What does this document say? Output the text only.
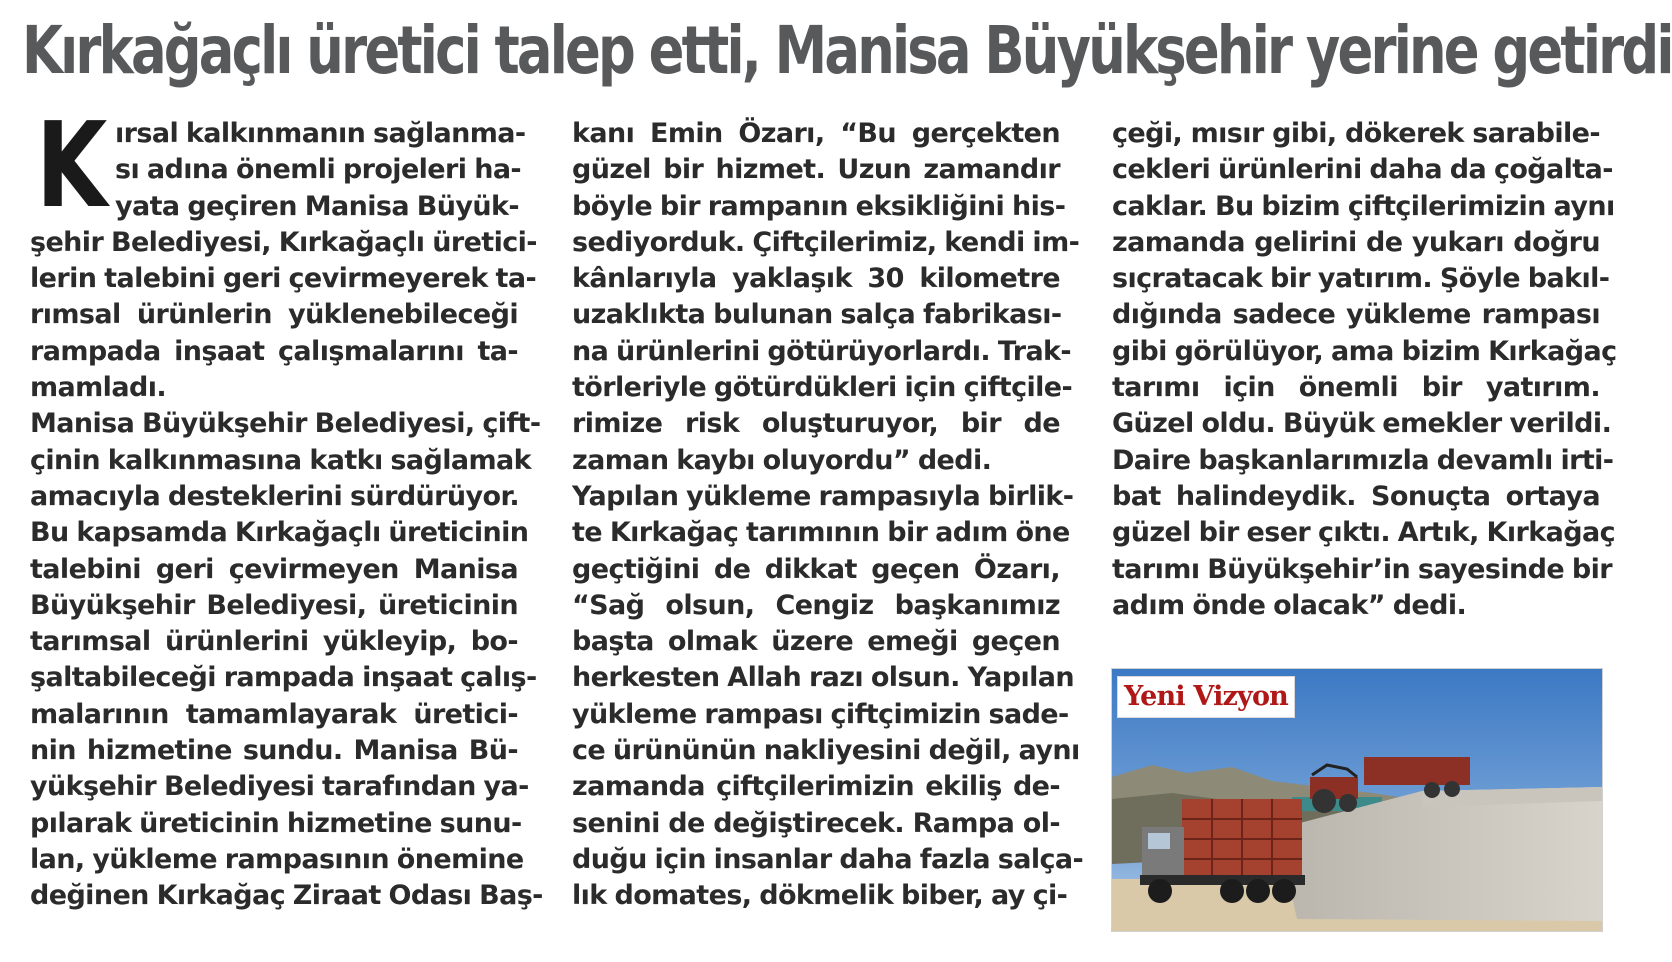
Kırkağaçlı üretici talep etti, Manisa Büyükşehir yerine getirdi
K ırsal kalkınmanın sağlanma-
sı adına önemli projeleri ha-
yata geçiren Manisa Büyük-
şehir Belediyesi, Kırkağaçlı üretici-
lerin talebini geri çevirmeyerek ta-
rımsal ürünlerin yüklenebileceği
rampada inşaat çalışmalarını ta-
mamladı.
Manisa Büyükşehir Belediyesi, çift-
çinin kalkınmasına katkı sağlamak
amacıyla desteklerini sürdürüyor.
Bu kapsamda Kırkağaçlı üreticinin
talebini geri çevirmeyen Manisa
Büyükşehir Belediyesi, üreticinin
tarımsal ürünlerini yükleyip, bo-
şaltabileceği rampada inşaat çalış-
malarının tamamlayarak üretici-
nin hizmetine sundu. Manisa Bü-
yükşehir Belediyesi tarafından ya-
pılarak üreticinin hizmetine sunu-
lan, yükleme rampasının önemine
değinen Kırkağaç Ziraat Odası Baş-
kanı Emin Özarı, “Bu gerçekten
güzel bir hizmet. Uzun zamandır
böyle bir rampanın eksikliğini his-
sediyorduk. Çiftçilerimiz, kendi im-
kânlarıyla yaklaşık 30 kilometre
uzaklıkta bulunan salça fabrikası-
na ürünlerini götürüyorlardı. Trak-
törleriyle götürdükleri için çiftçile-
rimize risk oluşturuyor, bir de
zaman kaybı oluyordu” dedi.
Yapılan yükleme rampasıyla birlik-
te Kırkağaç tarımının bir adım öne
geçtiğini de dikkat geçen Özarı,
“Sağ olsun, Cengiz başkanımız
başta olmak üzere emeği geçen
herkesten Allah razı olsun. Yapılan
yükleme rampası çiftçimizin sade-
ce ürününün nakliyesini değil, aynı
zamanda çiftçilerimizin ekiliş de-
senini de değiştirecek. Rampa ol-
duğu için insanlar daha fazla salça-
lık domates, dökmelik biber, ay çi-
çeği, mısır gibi, dökerek sarabile-
cekleri ürünlerini daha da çoğalta-
caklar. Bu bizim çiftçilerimizin aynı
zamanda gelirini de yukarı doğru
sıçratacak bir yatırım. Şöyle bakıl-
dığında sadece yükleme rampası
gibi görülüyor, ama bizim Kırkağaç
tarımı için önemli bir yatırım.
Güzel oldu. Büyük emekler verildi.
Daire başkanlarımızla devamlı irti-
bat halindeydik. Sonuçta ortaya
güzel bir eser çıktı. Artık, Kırkağaç
tarımı Büyükşehir’in sayesinde bir
adım önde olacak” dedi.
Yeni Vizyon
